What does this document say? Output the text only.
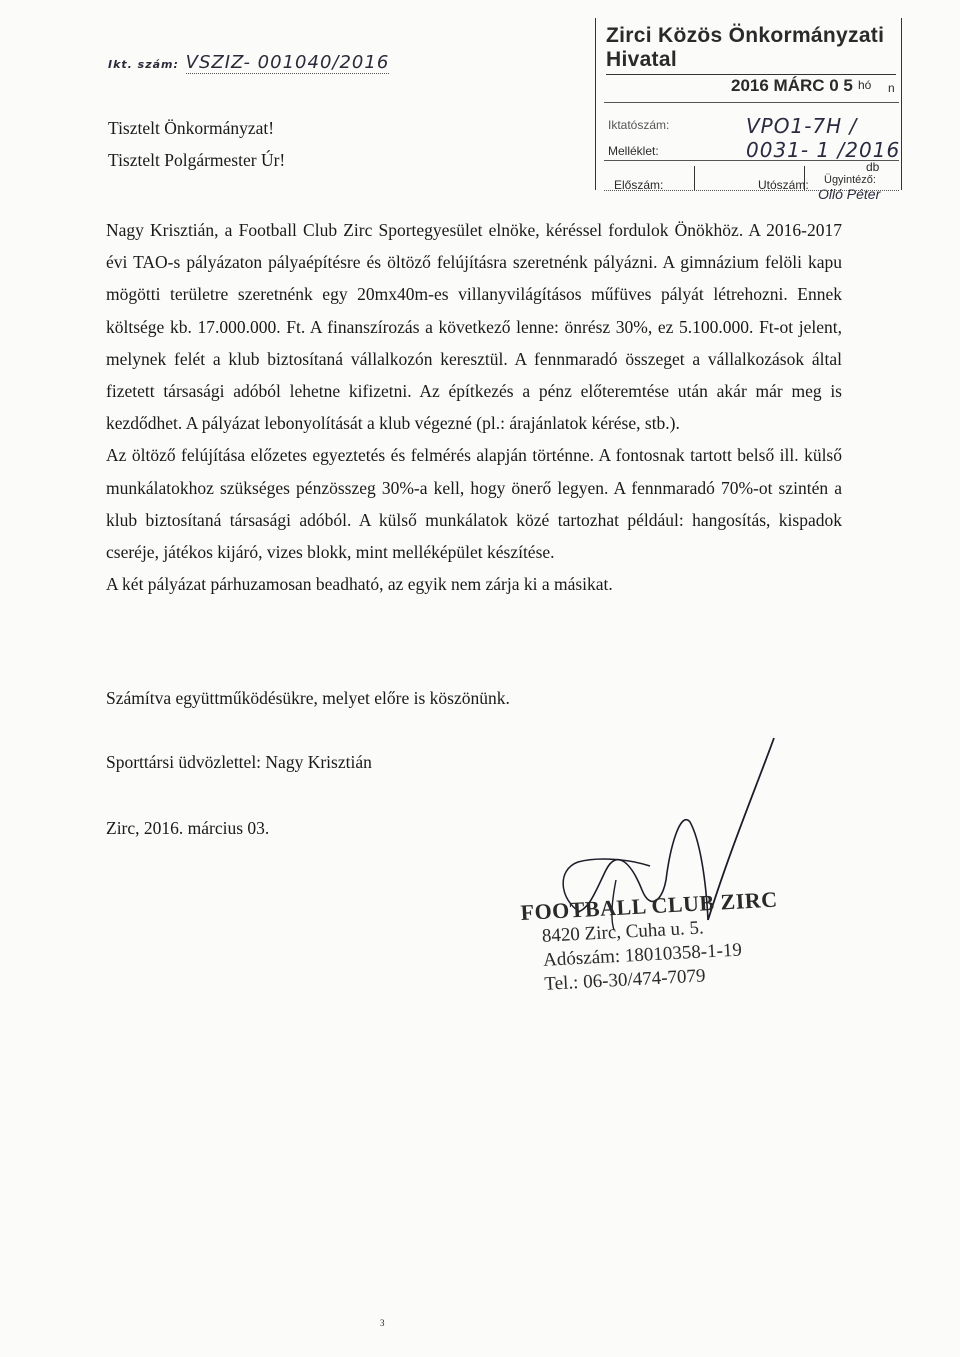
Ikt. szám: VSZIZ- 001040/2016
Zirci Közös Önkormányzati Hivatal
2016 MÁRC 0 5 hó n
Iktatószám:	VPO1-7H / 0031- 1 /2016
Melléklet:
db
Előszám:	Utószám: Ügyintéző:
Olló Péter
Tisztelt Önkormányzat!
Tisztelt Polgármester Úr!

Nagy Krisztián, a Football Club Zirc Sportegyesület elnöke, kéréssel fordulok Önökhöz. A 2016-2017 évi TAO-s pályázaton pályaépítésre és öltöző felújításra szeretnénk pályázni. A gimnázium felöli kapu mögötti területre szeretnénk egy 20mx40m-es villanyvilágításos műfüves pályát létrehozni. Ennek költsége kb. 17.000.000. Ft. A finanszírozás a következő lenne: önrész 30%, ez 5.100.000. Ft-ot jelent, melynek felét a klub biztosítaná vállalkozón keresztül. A fennmaradó összeget a vállalkozások által fizetett társasági adóból lehetne kifizetni. Az építkezés a pénz előteremtése után akár már meg is kezdődhet. A pályázat lebonyolítását a klub végezné (pl.: árajánlatok kérése, stb.).

Az öltöző felújítása előzetes egyeztetés és felmérés alapján történne. A fontosnak tartott belső ill. külső munkálatokhoz szükséges pénzösszeg 30%-a kell, hogy önerő legyen. A fennmaradó 70%-ot szintén a klub biztosítaná társasági adóból. A külső munkálatok közé tartozhat például: hangosítás, kispadok cseréje, játékos kijáró, vizes blokk, mint melléképület készítése.

A két pályázat párhuzamosan beadható, az egyik nem zárja ki a másikat.

Számítva együttműködésükre, melyet előre is köszönünk.
Sporttársi üdvözlettel: Nagy Krisztián
Zirc, 2016. március 03.
FOOTBALL CLUB ZIRC
8420 Zirc, Cuha u. 5.
Adószám: 18010358-1-19
Tel.: 06-30/474-7079
3
